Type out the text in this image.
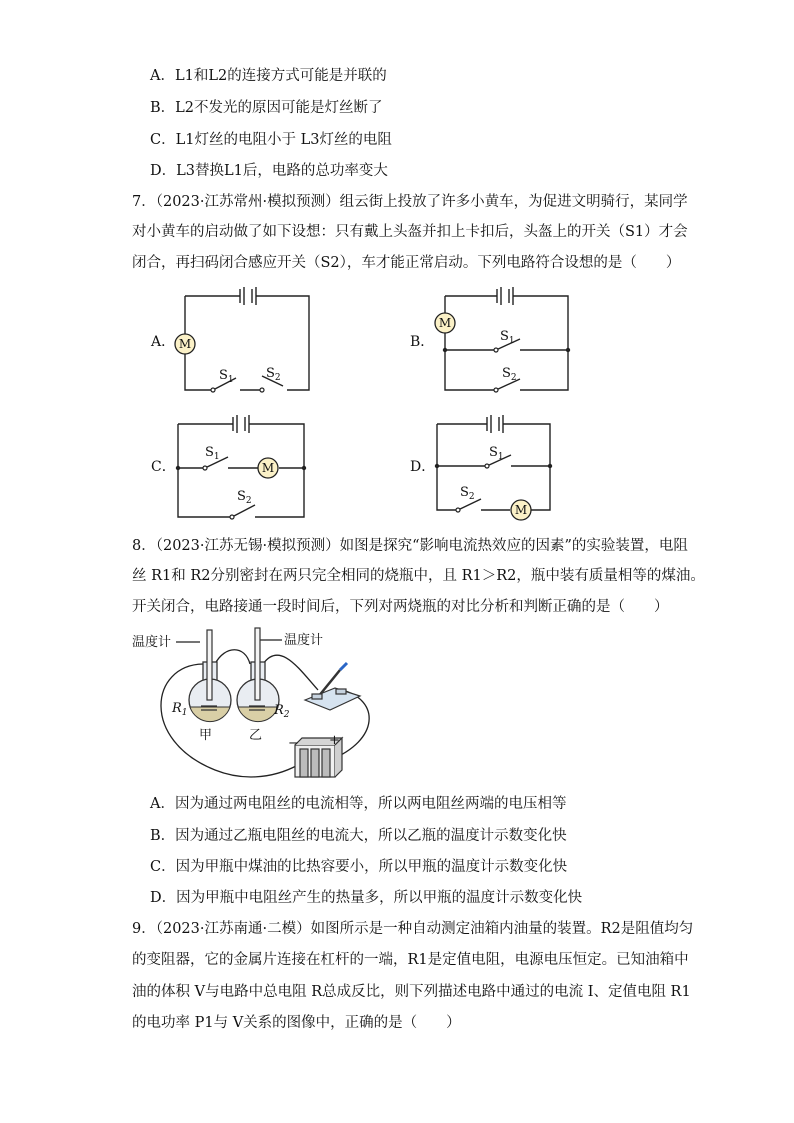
A．L1和L2的连接方式可能是并联的
B．L2不发光的原因可能是灯丝断了
C．L1灯丝的电阻小于 L3灯丝的电阻
D．L3替换L1后，电路的总功率变大
7．（2023·江苏常州·模拟预测）组云街上投放了许多小黄车，为促进文明骑行，某同学
对小黄车的启动做了如下设想：只有戴上头盔并扣上卡扣后，头盔上的开关（S1）才会
闭合，再扫码闭合感应开关（S2），车才能正常启动。下列电路符合设想的是（　　）
M
M
M
M
$S_1$ $S_2$
$S_1$
$S_2$
$S_1$
$S_2$
$S_1$
$S_2$
A．	B．
C．	D．
8．（2023·江苏无锡·模拟预测）如图是探究“影响电流热效应的因素”的实验装置，电阻
丝 R1和 R2分别密封在两只完全相同的烧瓶中，且 R1＞R2，瓶中装有质量相等的煤油。
开关闭合，电路接通一段时间后，下列对两烧瓶的对比分析和判断正确的是（　　）
温度计	温度计
$R_1$	$R_2$
甲	乙
− +
A．因为通过两电阻丝的电流相等，所以两电阻丝两端的电压相等
B．因为通过乙瓶电阻丝的电流大，所以乙瓶的温度计示数变化快
C．因为甲瓶中煤油的比热容要小，所以甲瓶的温度计示数变化快
D．因为甲瓶中电阻丝产生的热量多，所以甲瓶的温度计示数变化快
9．（2023·江苏南通·二模）如图所示是一种自动测定油箱内油量的装置。R2是阻值均匀
的变阻器，它的金属片连接在杠杆的一端，R1是定值电阻，电源电压恒定。已知油箱中
油的体积 V与电路中总电阻 R总成反比，则下列描述电路中通过的电流 I、定值电阻 R1
的电功率 P1与 V关系的图像中，正确的是（　　）
